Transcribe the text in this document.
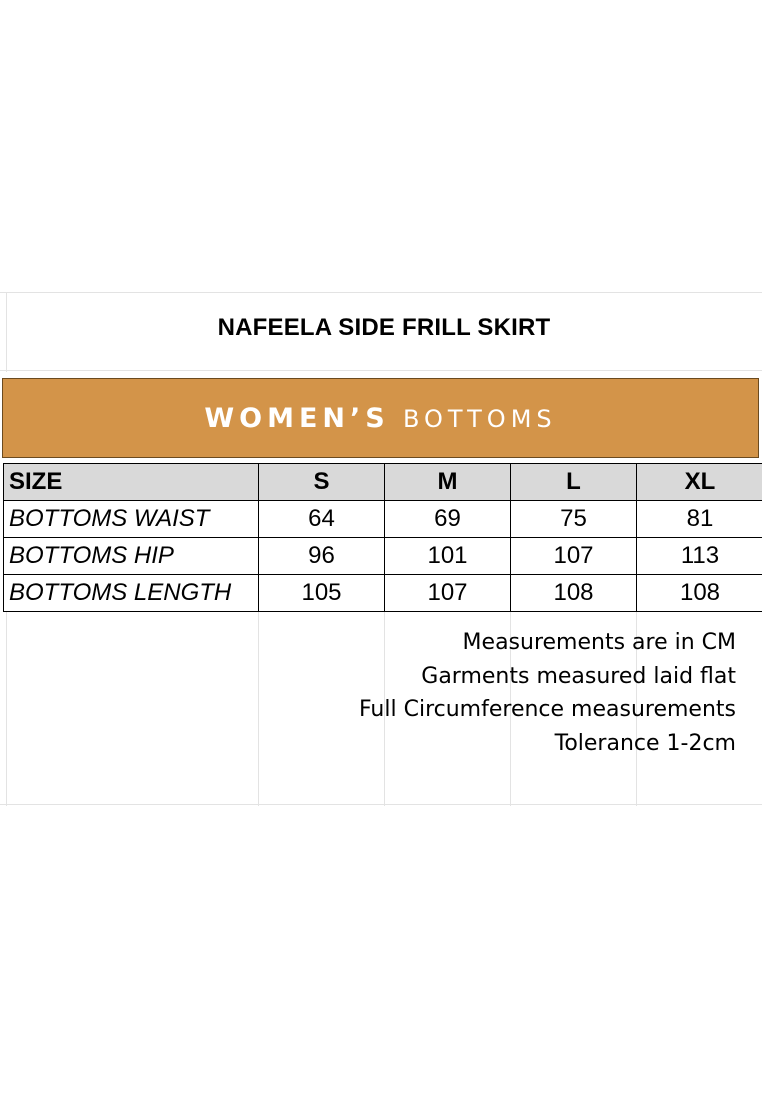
NAFEELA SIDE FRILL SKIRT
WOMEN’S BOTTOMS
SIZE	S	M	L	XL
BOTTOMS WAIST	64	69	75	81
BOTTOMS HIP	96	101	107	113
BOTTOMS LENGTH	105	107	108	108
Measurements are in CM
Garments measured laid flat
Full Circumference measurements
Tolerance 1-2cm
